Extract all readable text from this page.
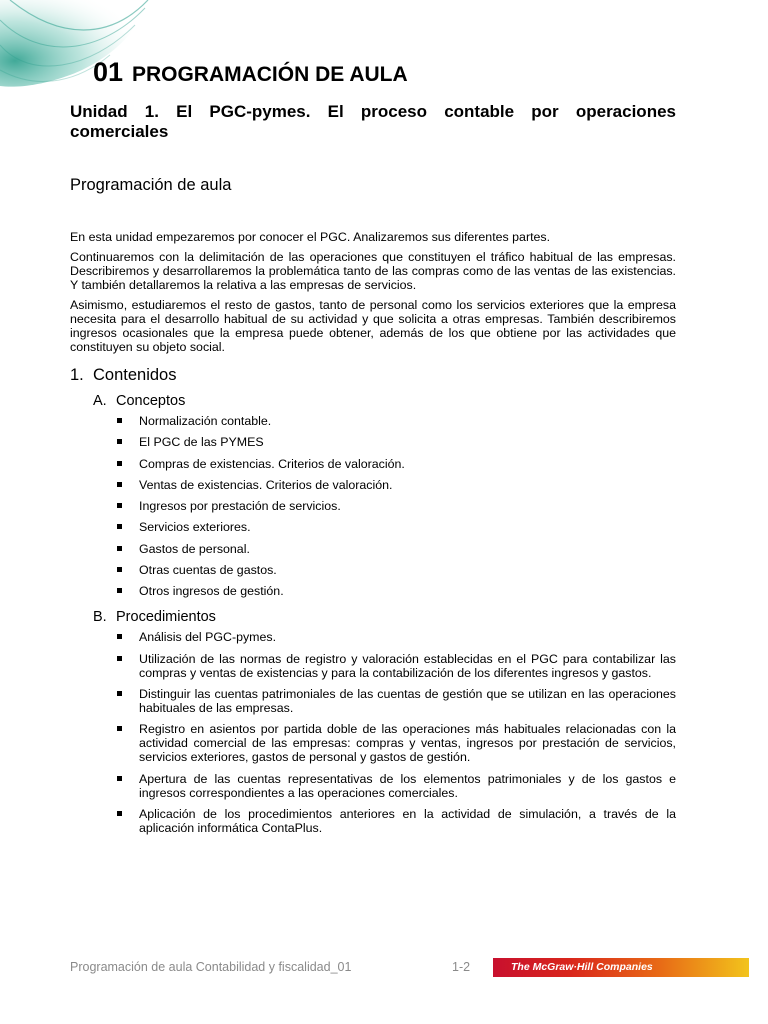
01 PROGRAMACIÓN DE AULA
Unidad 1. El PGC-pymes. El proceso contable por operaciones comerciales
Programación de aula

En esta unidad empezaremos por conocer el PGC. Analizaremos sus diferentes partes.

Continuaremos con la delimitación de las operaciones que constituyen el tráfico habitual de las empresas. Describiremos y desarrollaremos la problemática tanto de las compras como de las ventas de las existencias. Y también detallaremos la relativa a las empresas de servicios.

Asimismo, estudiaremos el resto de gastos, tanto de personal como los servicios exteriores que la empresa necesita para el desarrollo habitual de su actividad y que solicita a otras empresas. También describiremos ingresos ocasionales que la empresa puede obtener, además de los que obtiene por las actividades que constituyen su objeto social.

1. Contenidos
A. Conceptos
Normalización contable.
El PGC de las PYMES
Compras de existencias. Criterios de valoración.
Ventas de existencias. Criterios de valoración.
Ingresos por prestación de servicios.
Servicios exteriores.
Gastos de personal.
Otras cuentas de gastos.
Otros ingresos de gestión.
B. Procedimientos
Análisis del PGC-pymes.
Utilización de las normas de registro y valoración establecidas en el PGC para contabilizar las compras y ventas de existencias y para la contabilización de los diferentes ingresos y gastos.
Distinguir las cuentas patrimoniales de las cuentas de gestión que se utilizan en las operaciones habituales de las empresas.
Registro en asientos por partida doble de las operaciones más habituales relacionadas con la actividad comercial de las empresas: compras y ventas, ingresos por prestación de servicios, servicios exteriores, gastos de personal y gastos de gestión.
Apertura de las cuentas representativas de los elementos patrimoniales y de los gastos e ingresos correspondientes a las operaciones comerciales.
Aplicación de los procedimientos anteriores en la actividad de simulación, a través de la aplicación informática ContaPlus.
Programación de aula Contabilidad y fiscalidad_01	1-2	The McGraw·Hill Companies
